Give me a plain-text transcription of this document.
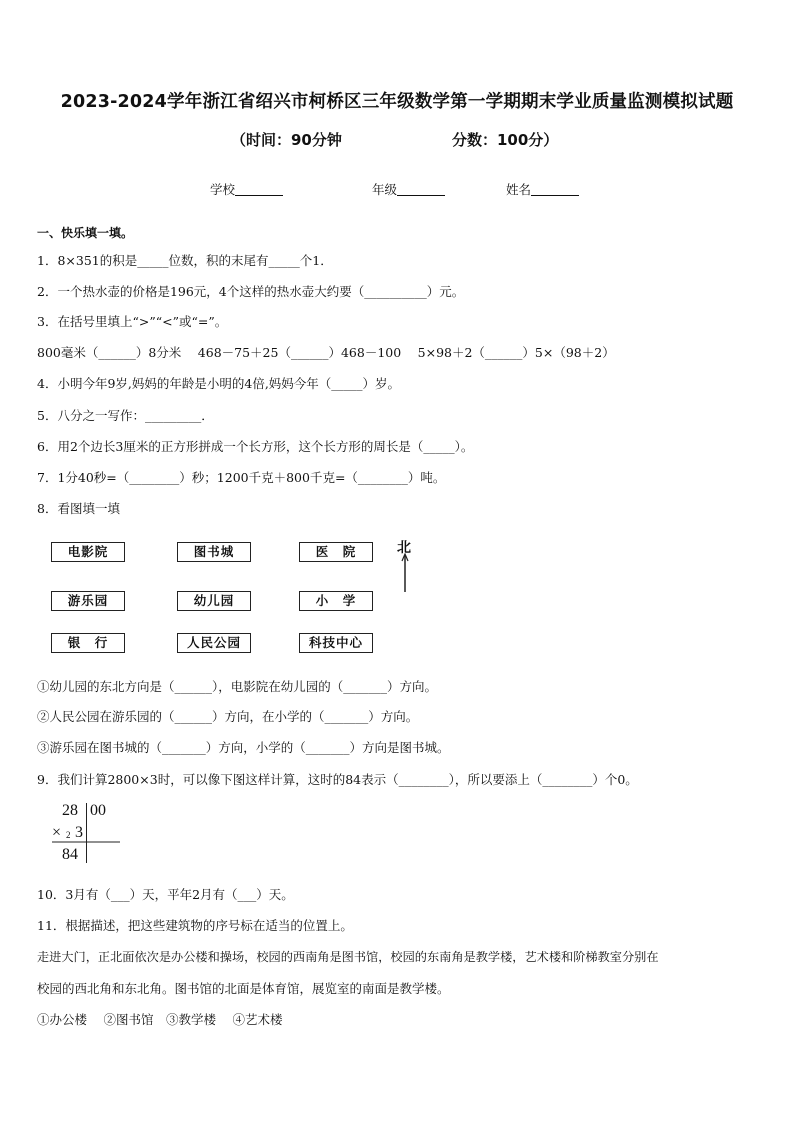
2023-2024学年浙江省绍兴市柯桥区三年级数学第一学期期末学业质量监测模拟试题
（时间：90分钟	分数：100分）
学校	年级	姓名
一、快乐填一填。
1．8×351的积是_____位数，积的末尾有_____个1．
2．一个热水壶的价格是196元，4个这样的热水壶大约要（__________）元。
3．在括号里填上“>”“<”或“=”。
800毫米（______）8分米　 468－75＋25（______）468－100　 5×98＋2（______）5×（98＋2）
4．小明今年9岁,妈妈的年龄是小明的4倍,妈妈今年（_____）岁。
5．八分之一写作：_________．
6．用2个边长3厘米的正方形拼成一个长方形，这个长方形的周长是（_____）。
7．1分40秒=（________）秒；1200千克＋800千克=（________）吨。
8．看图填一填
电影院	图书城	医　院
游乐园	幼儿园	小　学
银　行	人民公园	科技中心
北
①幼儿园的东北方向是（______），电影院在幼儿园的（_______）方向。
②人民公园在游乐园的（______）方向，在小学的（_______）方向。
③游乐园在图书城的（_______）方向，小学的（_______）方向是图书城。
9．我们计算2800×3时，可以像下图这样计算，这时的84表示（________），所以要添上（________）个0。
28 00
× 2 3
84
10．3月有（___）天，平年2月有（___）天。
11．根据描述，把这些建筑物的序号标在适当的位置上。
走进大门，正北面依次是办公楼和操场，校园的西南角是图书馆，校园的东南角是教学楼，艺术楼和阶梯教室分别在
校园的西北角和东北角。图书馆的北面是体育馆，展览室的南面是教学楼。
①办公楼　 ②图书馆　③教学楼　 ④艺术楼
